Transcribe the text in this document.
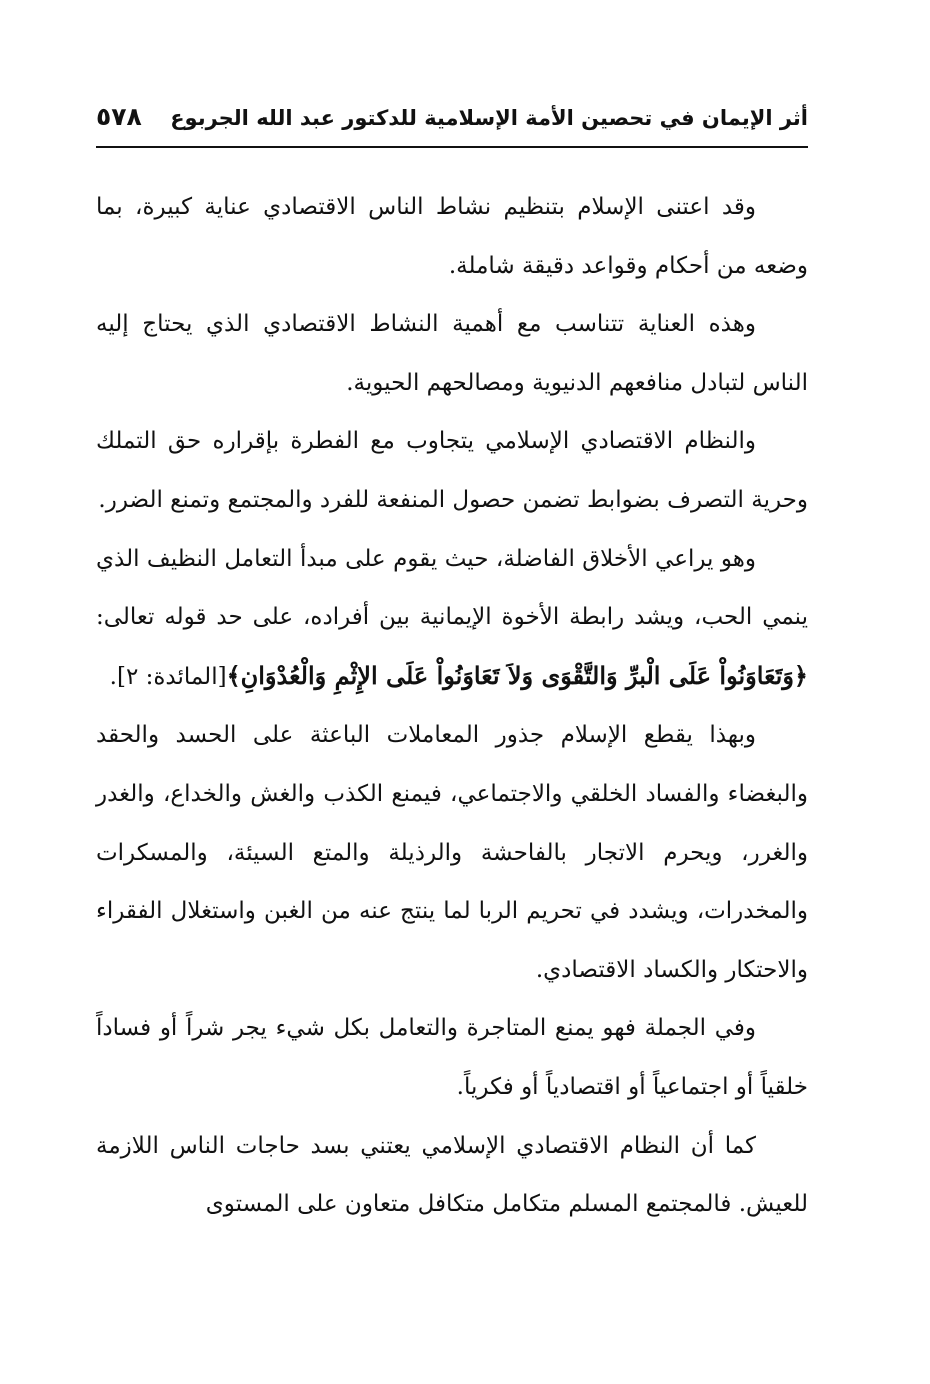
أثر الإيمان في تحصين الأمة الإسلامية للدكتور عبد الله الجربوع
٥٧٨

وقد اعتنى الإسلام بتنظيم نشاط الناس الاقتصادي عناية كبيرة، بما وضعه من أحكام وقواعد دقيقة شاملة.

وهذه العناية تتناسب مع أهمية النشاط الاقتصادي الذي يحتاج إليه الناس لتبادل منافعهم الدنيوية ومصالحهم الحيوية.

والنظام الاقتصادي الإسلامي يتجاوب مع الفطرة بإقراره حق التملك وحرية التصرف بضوابط تضمن حصول المنفعة للفرد والمجتمع وتمنع الضرر.

وهو يراعي الأخلاق الفاضلة، حيث يقوم على مبدأ التعامل النظيف الذي ينمي الحب، ويشد رابطة الأخوة الإيمانية بين أفراده، على حد قوله تعالى:﴿وَتَعَاوَنُواْ عَلَى الْبرِّ وَالتَّقْوَى وَلاَ تَعَاوَنُواْ عَلَى الإِثْمِ وَالْعُدْوَانِ﴾[المائدة: ٢].

وبهذا يقطع الإسلام جذور المعاملات الباعثة على الحسد والحقد والبغضاء والفساد الخلقي والاجتماعي، فيمنع الكذب والغش والخداع، والغدر والغرر، ويحرم الاتجار بالفاحشة والرذيلة والمتع السيئة، والمسكرات والمخدرات، ويشدد في تحريم الربا لما ينتج عنه من الغبن واستغلال الفقراء والاحتكار والكساد الاقتصادي.

وفي الجملة فهو يمنع المتاجرة والتعامل بكل شيء يجر شراً أو فساداً خلقياً أو اجتماعياً أو اقتصادياً أو فكرياً.

كما أن النظام الاقتصادي الإسلامي يعتني بسد حاجات الناس اللازمة للعيش. فالمجتمع المسلم متكامل متكافل متعاون على المستوى
